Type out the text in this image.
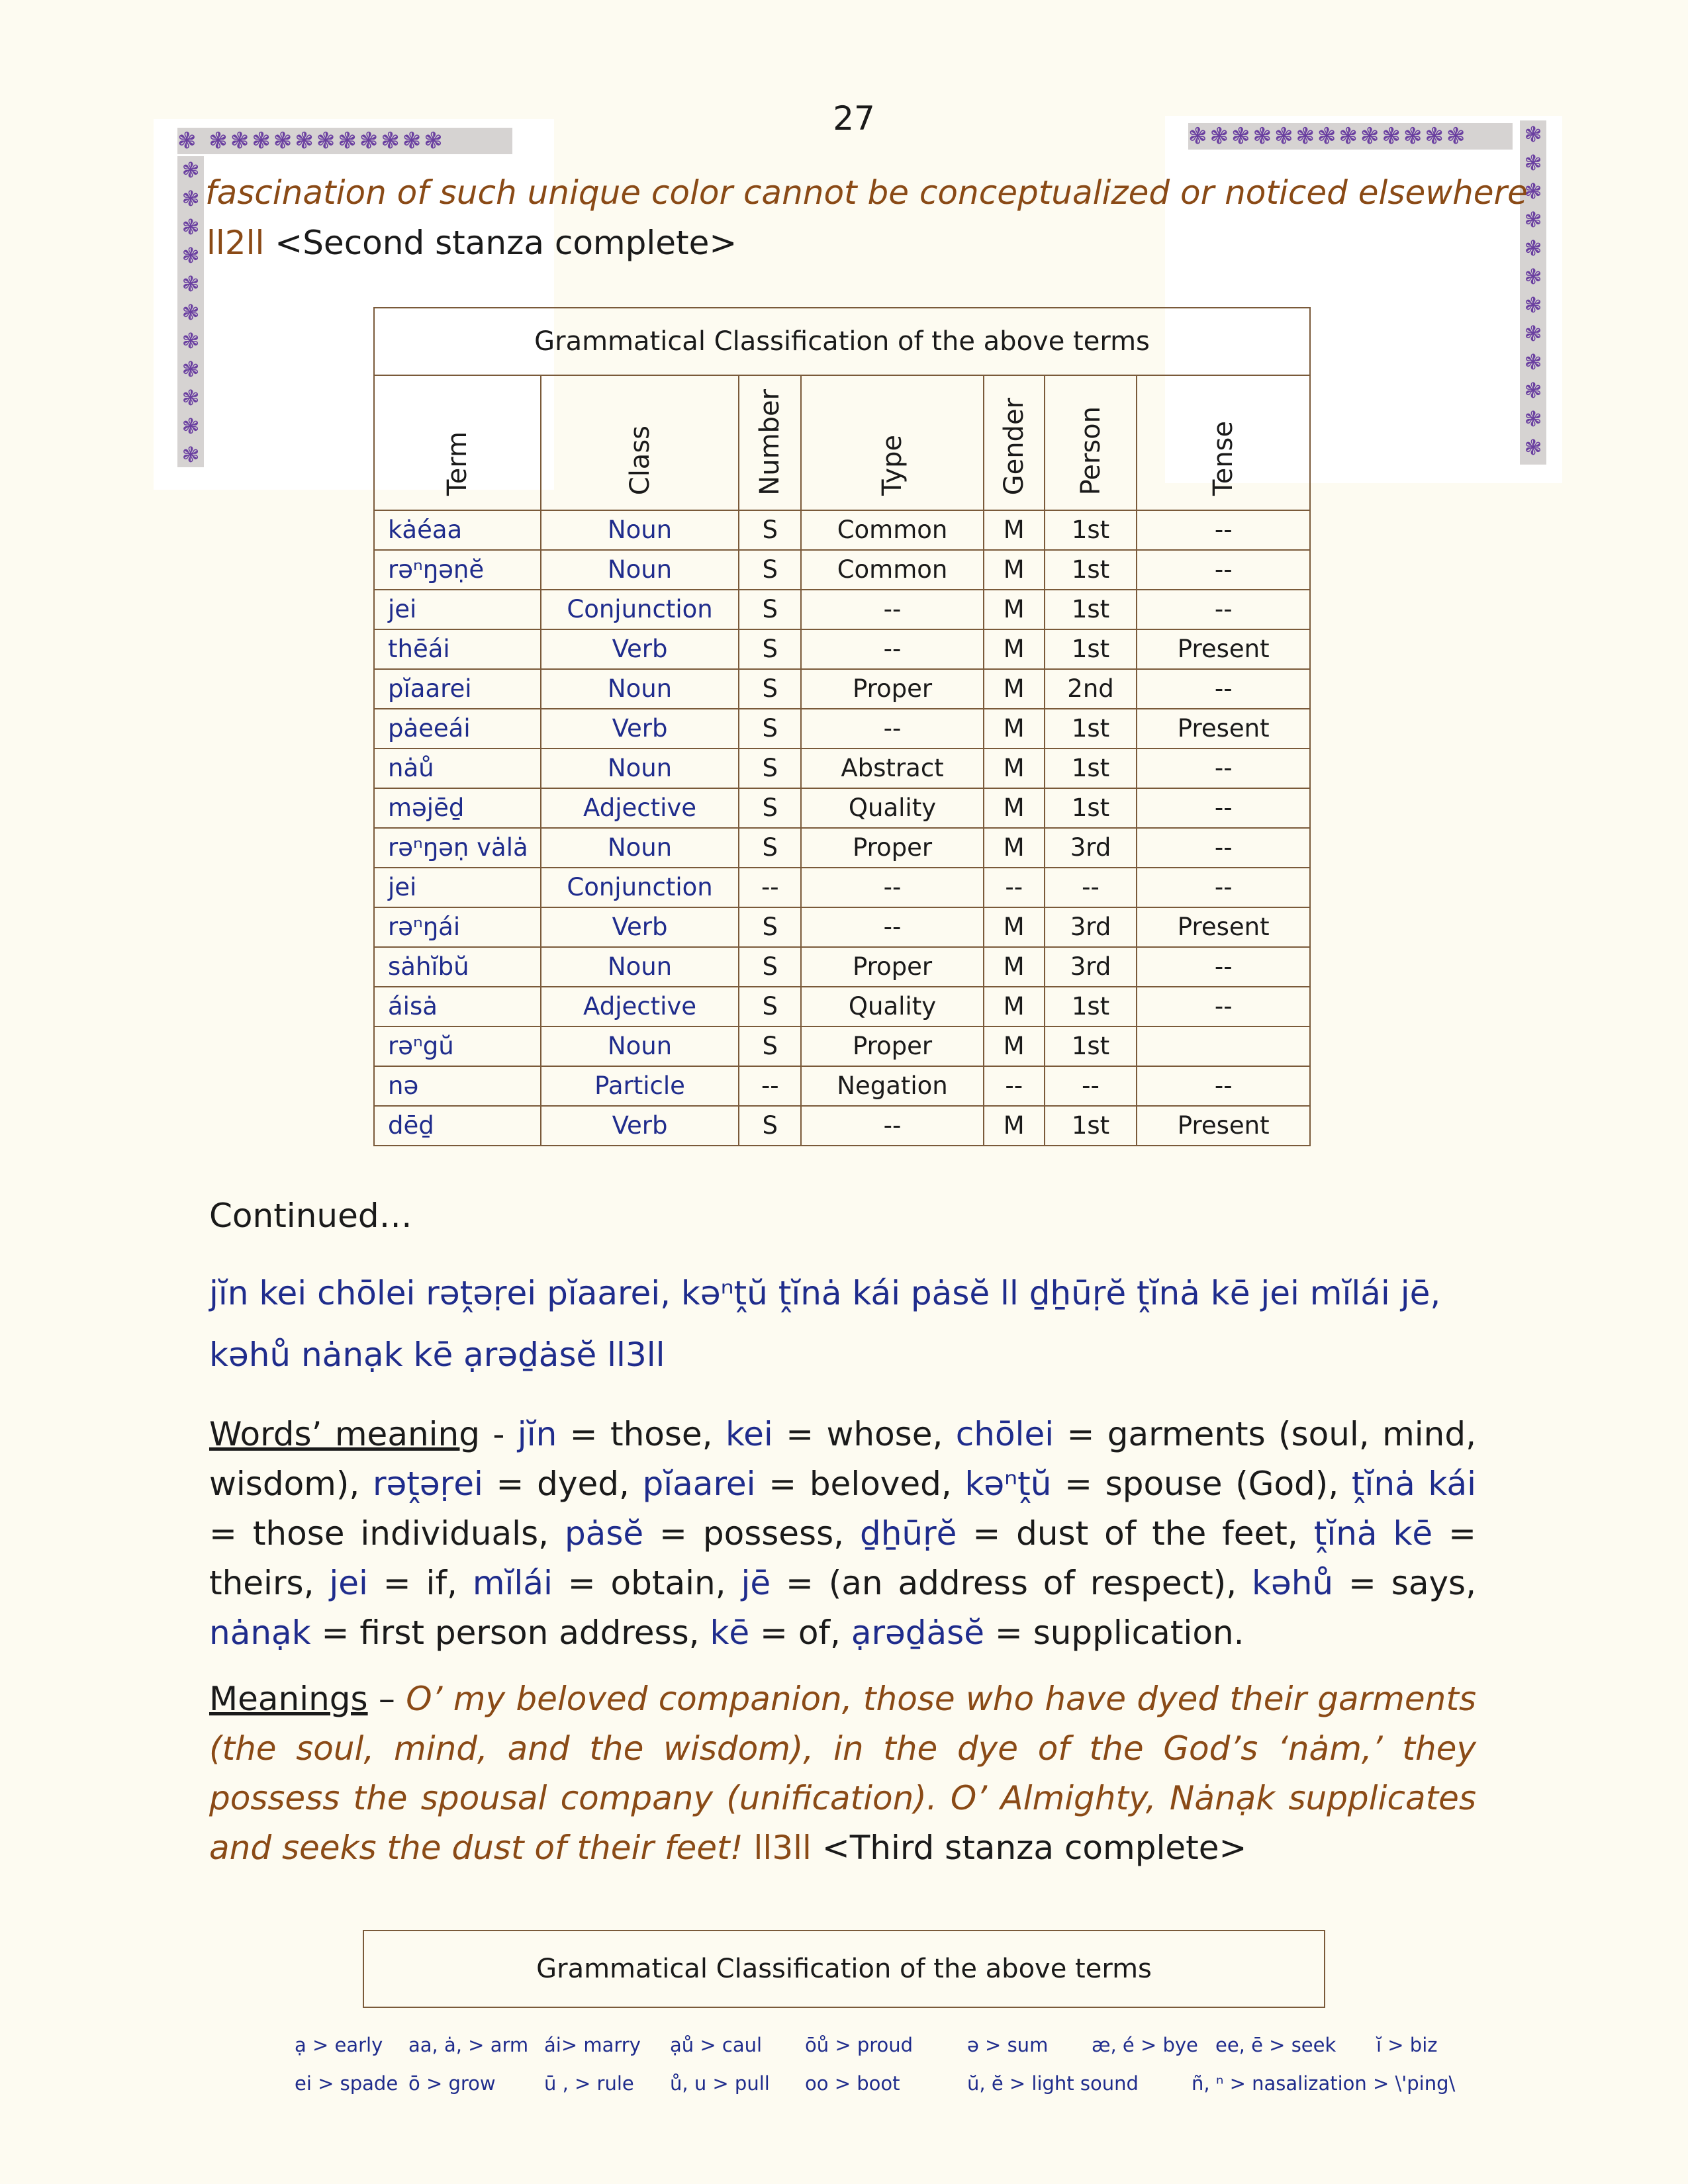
27
❃ ❃❃❃❃❃❃❃❃❃❃❃
❃
❃
❃
❃
❃
❃
❃
❃
❃
❃
❃
❃❃❃❃❃❃❃❃❃❃❃❃❃	❃
❃
❃
❃
❃
❃
❃
❃
❃
❃
❃
❃
fascination of such unique color cannot be conceptualized or noticed elsewhere
ll2ll <Second stanza complete>
Grammatical Classification of the above terms						
Term	Class	Number	Type	Gender	Person	Tense
kȧéaa	Noun	S	Common	M	1st	--
rəⁿŋəṇĕ	Noun	S	Common	M	1st	--
jei	Conjunction	S	--	M	1st	--
thēái	Verb	S	--	M	1st	Present
pĭaarei	Noun	S	Proper	M	2nd	--
pȧeeái	Verb	S	--	M	1st	Present
nȧů	Noun	S	Abstract	M	1st	--
məjēḏ	Adjective	S	Quality	M	1st	--
rəⁿŋəṇ vȧlȧ	Noun	S	Proper	M	3rd	--
jei	Conjunction	--	--	--	--	--
rəⁿŋái	Verb	S	--	M	3rd	Present
sȧhĭbŭ	Noun	S	Proper	M	3rd	--
áisȧ	Adjective	S	Quality	M	1st	--
rəⁿgŭ	Noun	S	Proper	M	1st	
nə	Particle	--	Negation	--	--	--
dēḏ	Verb	S	--	M	1st	Present
Continued…
jĭn kei chōlei rəṱəṛei pĭaarei, kəⁿṱŭ ṱĭnȧ kái pȧsĕ ll ḏẖūṛĕ ṱĭnȧ kē jei mĭlái jē,
kəhů nȧnạk kē ạrəḏȧsĕ ll3ll
Words’ meaning - jĭn = those, kei = whose, chōlei = garments (soul, mind, wisdom), rəṱəṛei = dyed, pĭaarei = beloved, kəⁿṱŭ = spouse (God), ṱĭnȧ kái = those individuals, pȧsĕ = possess, ḏẖūṛĕ = dust of the feet, ṱĭnȧ kē = theirs, jei = if, mĭlái = obtain, jē = (an address of respect), kəhů = says, nȧnạk = first person address, kē = of, ạrəḏȧsĕ = supplication.
Meanings – O’ my beloved companion, those who have dyed their garments (the soul, mind, and the wisdom), in the dye of the God’s ‘nȧm,’ they possess the spousal company (unification). O’ Almighty, Nȧnạk supplicates and seeks the dust of their feet! ll3ll <Third stanza complete>
Grammatical Classification of the above terms
ạ > early aa, ȧ, > arm ái> marry ạů > caul ōů > proud	ə > sum æ, é > bye ee, ē > seek ĭ > biz
ei > spade ō > grow	ū , > rule ů, u > pull oo > boot	ŭ, ĕ > light sound	ñ, ⁿ > nasalization > \'ping\
